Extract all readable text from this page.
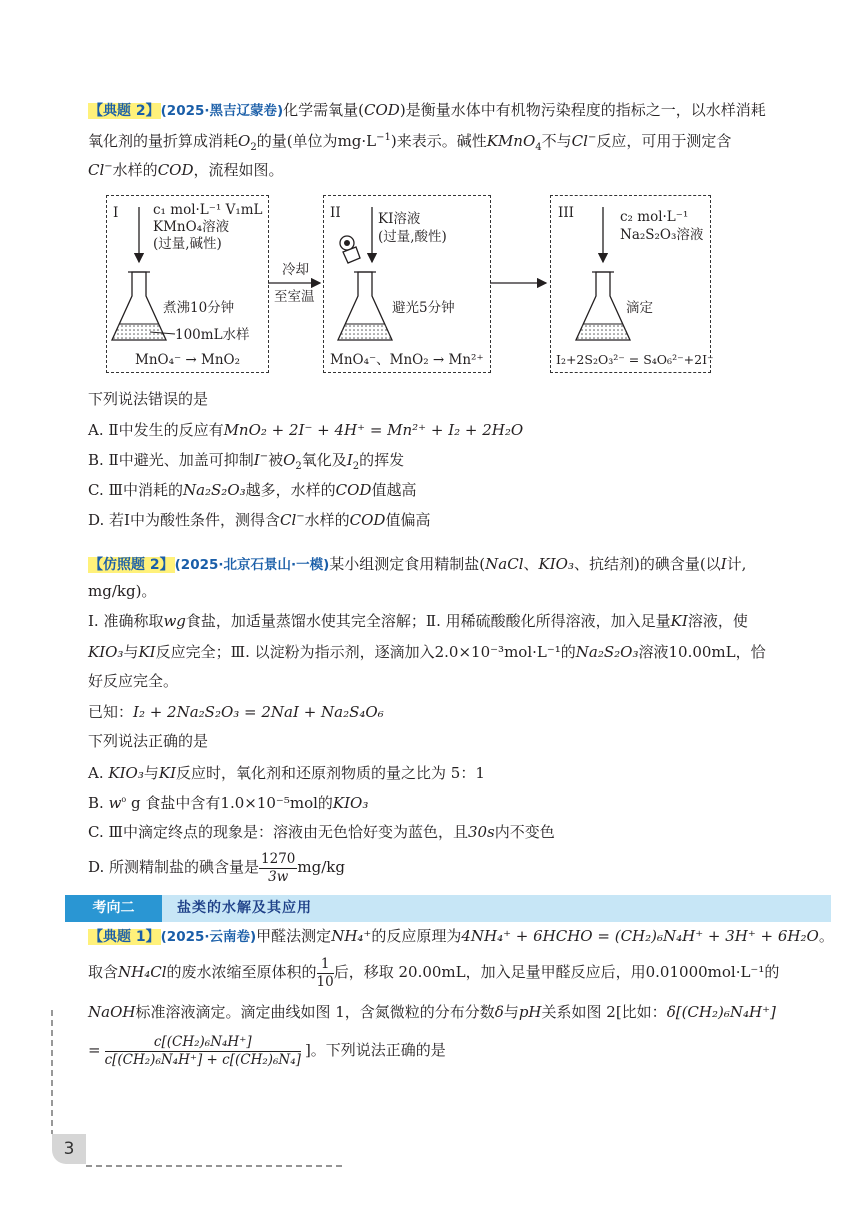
【典题 2】(2025·黑吉辽蒙卷)化学需氧量(COD)是衡量水体中有机物污染程度的指标之一，以水样消耗
氧化剂的量折算成消耗$O_2$的量(单位为$mg\cdot L^{-1}$)来表示。碱性KMnO$_4$不与Cl−反应，可用于测定含
Cl−水样的COD，流程如图。
I	c₁ mol·L⁻¹ V₁mL
KMnO₄溶液
(过量,碱性)
煮沸10分钟
100mL水样
MnO₄⁻ → MnO₂
冷却
至室温
II	KI溶液
(过量,酸性)
避光5分钟
MnO₄⁻、MnO₂ → Mn²⁺
III	c₂ mol·L⁻¹
Na₂S₂O₃溶液
滴定
I₂+2S₂O₃²⁻ = S₄O₆²⁻+2I⁻
下列说法错误的是
A. Ⅱ中发生的反应有MnO₂ + 2I⁻ + 4H⁺ = Mn²⁺ + I₂ + 2H₂O
B. Ⅱ中避光、加盖可抑制I−被$O_2$氧化及$I_2$的挥发
C. Ⅲ中消耗的Na₂S₂O₃越多，水样的COD值越高
D. 若Ⅰ中为酸性条件，测得含Cl−水样的COD值偏高
【仿照题 2】(2025·北京石景山·一模)某小组测定食用精制盐(NaCl、KIO₃、抗结剂)的碘含量(以I计,
mg/kg)。
Ⅰ. 准确称取wg食盐，加适量蒸馏水使其完全溶解；Ⅱ. 用稀硫酸酸化所得溶液，加入足量KI溶液，使
KIO₃与KI反应完全；Ⅲ. 以淀粉为指示剂，逐滴加入2.0×10⁻³mol·L⁻¹的Na₂S₂O₃溶液10.00mL，恰
好反应完全。
已知：I₂ + 2Na₂S₂O₃ = 2NaI + Na₂S₄O₆
下列说法正确的是
A. KIO₃与KI反应时，氧化剂和还原剂物质的量之比为 5：1
B. $w^o$ g 食盐中含有1.0×10⁻⁵mol的KIO₃
C. Ⅲ中滴定终点的现象是：溶液由无色恰好变为蓝色，且30s内不变色
D. 所测精制盐的碘含量是 $\frac{1270}{3w} mg/kg$
考向二	盐类的水解及其应用
【典题 1】(2025·云南卷)甲醛法测定NH₄⁺的反应原理为4NH₄⁺ + 6HCHO = (CH₂)₆N₄H⁺ + 3H⁺ + 6H₂O。
取含NH₄Cl的废水浓缩至原体积的 $\frac{1}{10}$ 后，移取 20.00mL，加入足量甲醛反应后，用0.01000mol·L⁻¹的
NaOH标准溶液滴定。滴定曲线如图 1，含氮微粒的分布分数δ与pH关系如图 2[比如：δ[(CH₂)₆N₄H⁺]
= $\frac{\text{c[(CH₂)₆N₄H⁺]}}{\text{c[(CH₂)₆N₄H⁺] + c[(CH₂)₆N₄]}}$ ]。下列说法正确的是
3
